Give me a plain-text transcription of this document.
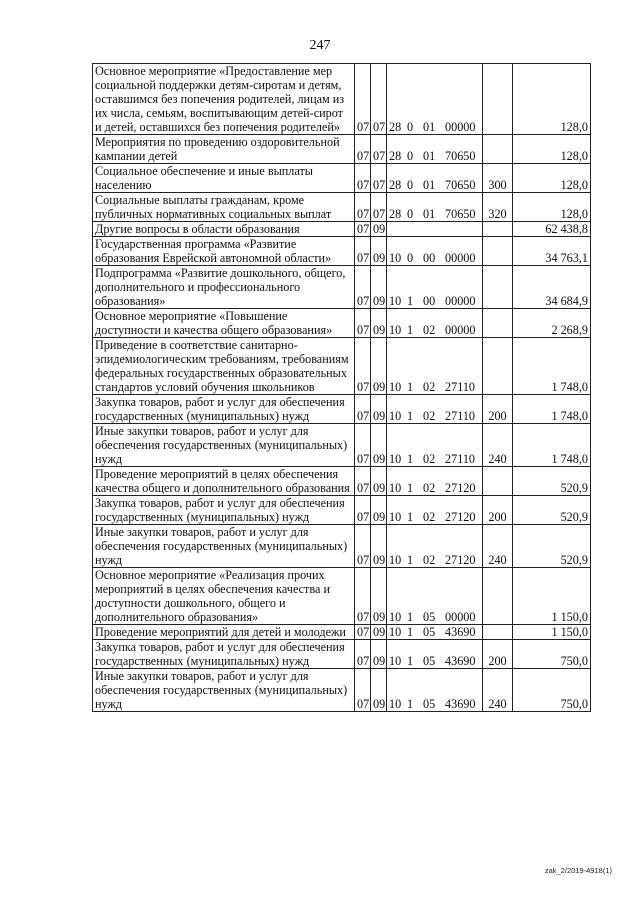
247
Основное мероприятие «Предоставление мер социальной поддержки детям-сиротам и детям, оставшимся без попечения родителей, лицам из их числа, семьям, воспитывающим детей-сирот и детей, оставшихся без попечения родителей»	07	07	28 0 01 00000		128,0
Мероприятия по проведению оздоровительной кампании детей	07	07	28 0 01 70650		128,0
Социальное обеспечение и иные выплаты населению	07	07	28 0 01 70650	300	128,0
Социальные выплаты гражданам, кроме публичных нормативных социальных выплат	07	07	28 0 01 70650	320	128,0
Другие вопросы в области образования	07	09			62 438,8
Государственная программа «Развитие образования Еврейской автономной области»	07	09	10 0 00 00000		34 763,1
Подпрограмма «Развитие дошкольного, общего, дополнительного и профессионального образования»	07	09	10 1 00 00000		34 684,9
Основное мероприятие «Повышение доступности и качества общего образования»	07	09	10 1 02 00000		2 268,9
Приведение в соответствие санитарно-эпидемиологическим требованиям, требованиям федеральных государственных образовательных стандартов условий обучения школьников	07	09	10 1 02 27110		1 748,0
Закупка товаров, работ и услуг для обеспечения государственных (муниципальных) нужд	07	09	10 1 02 27110	200	1 748,0
Иные закупки товаров, работ и услуг для обеспечения государственных (муниципальных) нужд	07	09	10 1 02 27110	240	1 748,0
Проведение мероприятий в целях обеспечения качества общего и дополнительного образования	07	09	10 1 02 27120		520,9
Закупка товаров, работ и услуг для обеспечения государственных (муниципальных) нужд	07	09	10 1 02 27120	200	520,9
Иные закупки товаров, работ и услуг для обеспечения государственных (муниципальных) нужд	07	09	10 1 02 27120	240	520,9
Основное мероприятие «Реализация прочих мероприятий в целях обеспечения качества и доступности дошкольного, общего и дополнительного образования»	07	09	10 1 05 00000		1 150,0
Проведение мероприятий для детей и молодежи	07	09	10 1 05 43690		1 150,0
Закупка товаров, работ и услуг для обеспечения государственных (муниципальных) нужд	07	09	10 1 05 43690	200	750,0
Иные закупки товаров, работ и услуг для обеспечения государственных (муниципальных) нужд	07	09	10 1 05 43690	240	750,0
zak_2/2019-4918(1)
